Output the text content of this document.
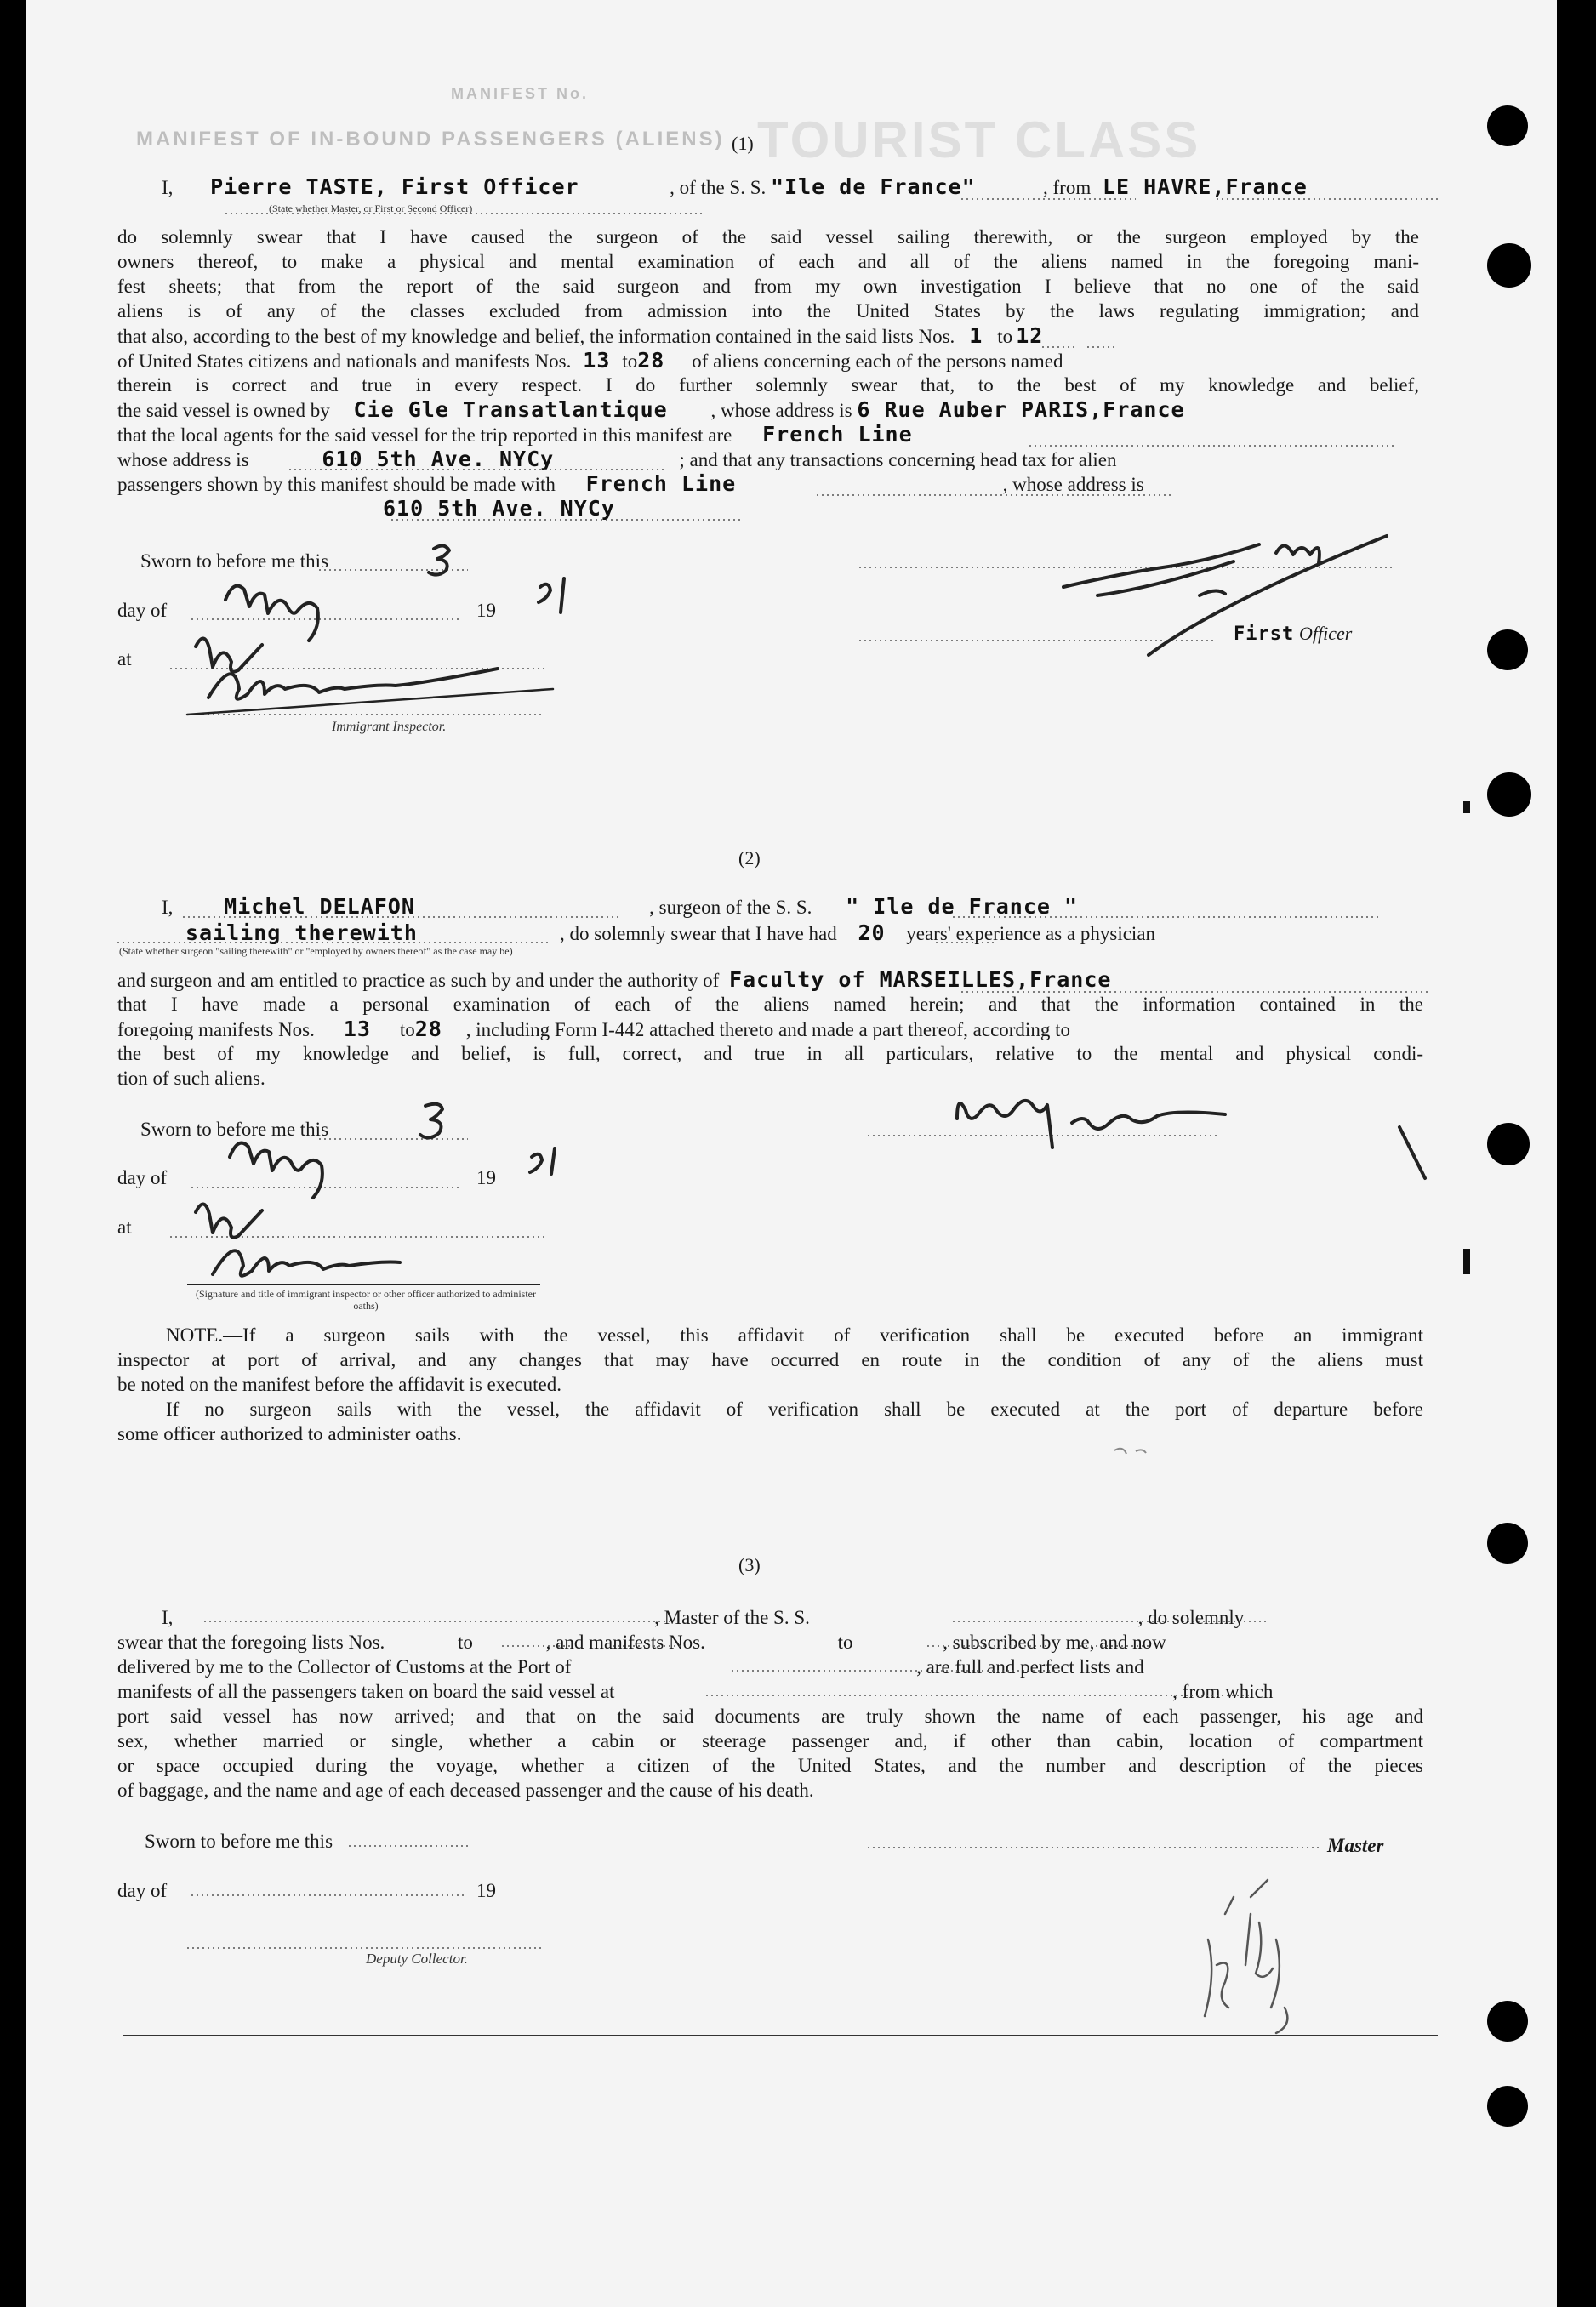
MANIFEST No.
MANIFEST OF IN-BOUND PASSENGERS (ALIENS) TOURIST CLASS
(1)
I, Pierre TASTE, First Officer	, of the S. S. "Ile de France"	, from LE HAVRE,France
(State whether Master, or First or Second Officer)
do solemnly swear that I have caused the surgeon of the said vessel sailing therewith, or the surgeon employed by the
owners thereof, to make a physical and mental examination of each and all of the aliens named in the foregoing mani-
fest sheets; that from the report of the said surgeon and from my own investigation I believe that no one of the said
aliens is of any of the classes excluded from admission into the United States by the laws regulating immigration; and
that also, according to the best of my knowledge and belief, the information contained in the said lists Nos. 1 to 12
of United States citizens and nationals and manifests Nos. 13 to28 of aliens concerning each of the persons named
therein is correct and true in every respect. I do further solemnly swear that, to the best of my knowledge and belief,
the said vessel is owned by Cie Gle Transatlantique , whose address is 6 Rue Auber PARIS,France
that the local agents for the said vessel for the trip reported in this manifest are French Line
whose address is	610 5th Ave. NYCy	; and that any transactions concerning head tax for alien
passengers shown by this manifest should be made with French Line	, whose address is
610 5th Ave. NYCy
Sworn to before me this
day of	19
at
Immigrant Inspector.
First Officer
(2)
I, Michel DELAFON	, surgeon of the S. S. " Ile de France "
sailing therewith	, do solemnly swear that I have had 20 years' experience as a physician
(State whether surgeon "sailing therewith" or "employed by owners thereof" as the case may be)
and surgeon and am entitled to practice as such by and under the authority of Faculty of MARSEILLES,France
that I have made a personal examination of each of the aliens named herein; and that the information contained in the
foregoing manifests Nos. 13 to28 , including Form I-442 attached thereto and made a part thereof, according to
the best of my knowledge and belief, is full, correct, and true in all particulars, relative to the mental and physical condi-
tion of such aliens.
Sworn to before me this
day of	19
at
(Signature and title of immigrant inspector or other officer authorized to administer oaths)
NOTE.—If a surgeon sails with the vessel, this affidavit of verification shall be executed before an immigrant
inspector at port of arrival, and any changes that may have occurred en route in the condition of any of the aliens must
be noted on the manifest before the affidavit is executed.
If no surgeon sails with the vessel, the affidavit of verification shall be executed at the port of departure before
some officer authorized to administer oaths.
(3)
I,	, Master of the S. S.	, do solemnly
swear that the foregoing lists Nos.	to	, and manifests Nos.	to	, subscribed by me, and now
delivered by me to the Collector of Customs at the Port of	, are full and perfect lists and
manifests of all the passengers taken on board the said vessel at	, from which
port said vessel has now arrived; and that on the said documents are truly shown the name of each passenger, his age and
sex, whether married or single, whether a cabin or steerage passenger and, if other than cabin, location of compartment
or space occupied during the voyage, whether a citizen of the United States, and the number and description of the pieces
of baggage, and the name and age of each deceased passenger and the cause of his death.
Sworn to before me this	Master
day of	19
Deputy Collector.
